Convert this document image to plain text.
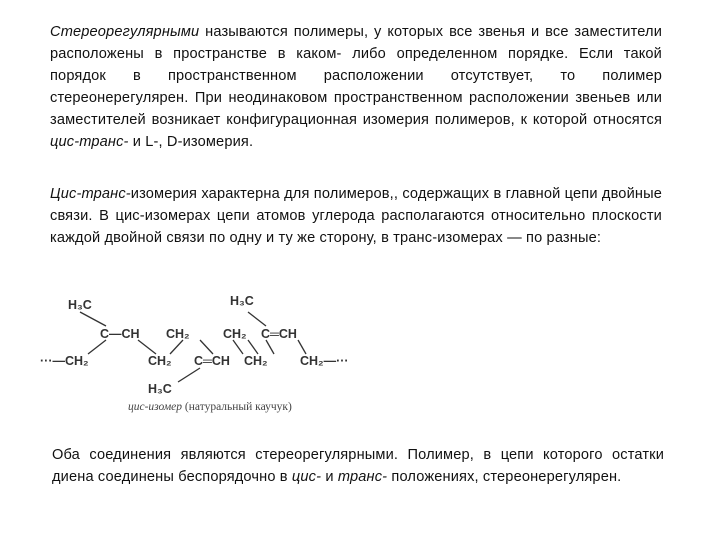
Стереорегулярными называются полимеры, у которых все звенья и все заместители расположены в пространстве в каком- либо определенном порядке. Если такой порядок в пространственном расположении отсутствует, то полимер стереонерегулярен. При неодинаковом пространственном расположении звеньев или заместителей возникает конфигурационная изомерия полимеров, к которой относятся цис-транс- и L-, D-изомерия.

Цис-транс-изомерия характерна для полимеров,, содержащих в главной цепи двойные связи. В цис-изомерах цепи атомов углерода располагаются относительно плоскости каждой двойной связи по одну и ту же сторону, в транс-изомерах — по разные:

H₃C	H₃C
C—CH CH₂	CH₂ C═CH
···—CH₂	CH₂ C═CH CH₂	CH₂—···
H₃C
цис-изомер (натуральный каучук)

Оба соединения являются стереорегулярными. Полимер, в цепи которого остатки диена соединены беспорядочно в цис- и транс- положениях, стереонерегулярен.
